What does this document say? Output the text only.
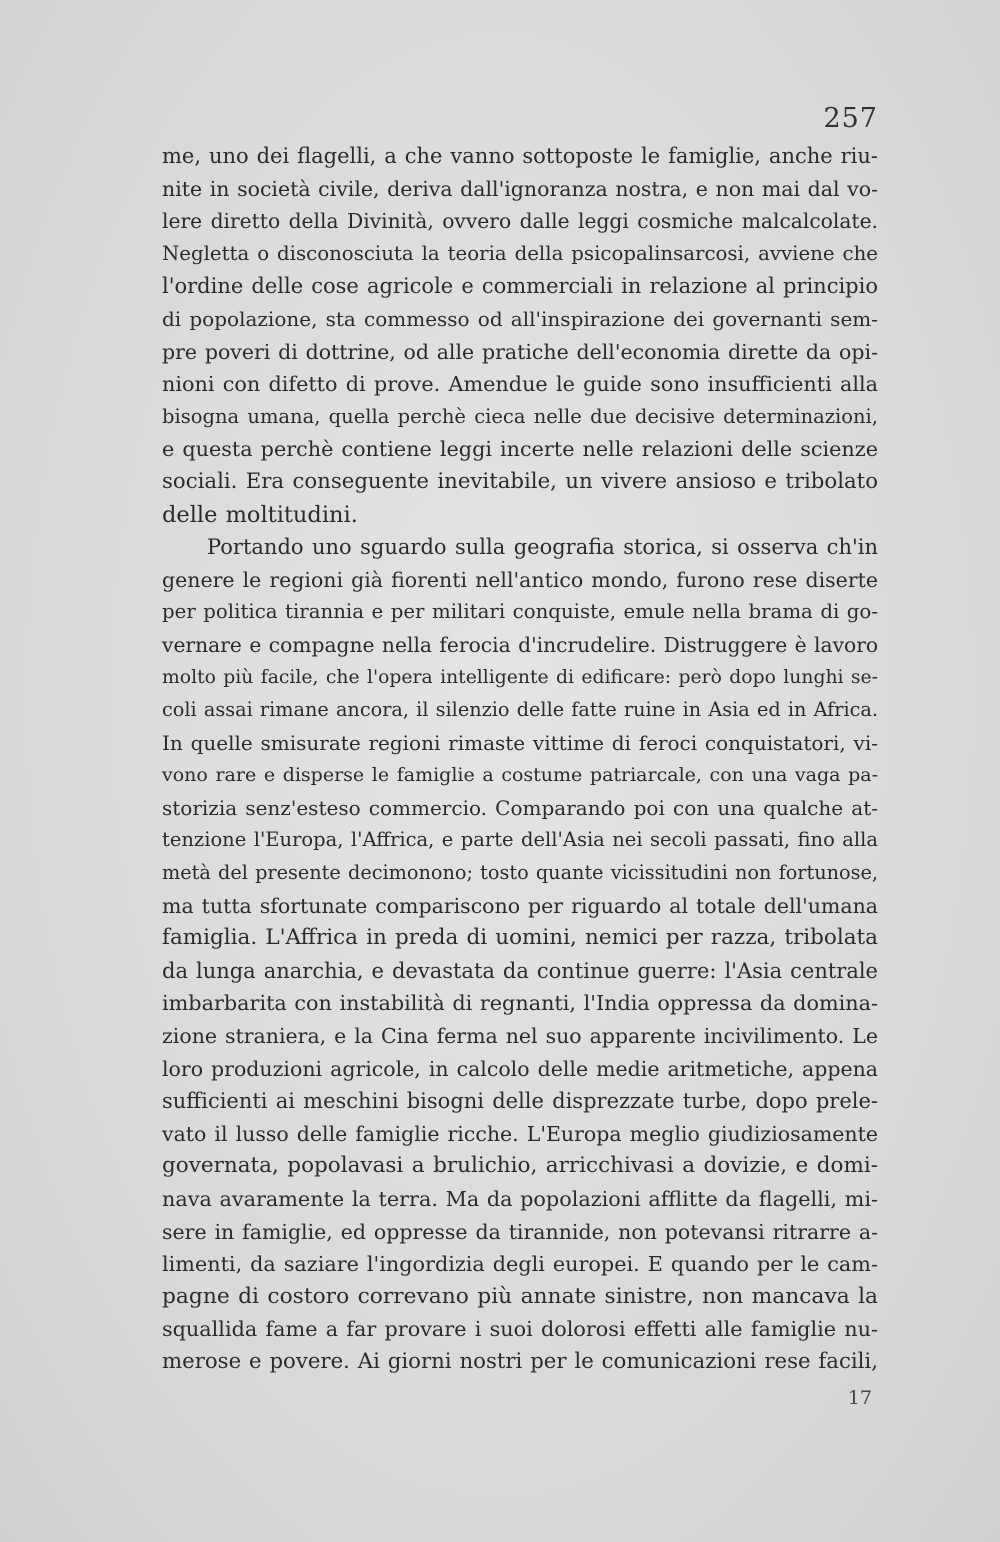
257
me, uno dei flagelli, a che vanno sottoposte le famiglie, anche riu-
nite in società civile, deriva dall'ignoranza nostra, e non mai dal vo-
lere diretto della Divinità, ovvero dalle leggi cosmiche malcalcolate.
Negletta o disconosciuta la teoria della psicopalinsarcosi, avviene che
l'ordine delle cose agricole e commerciali in relazione al principio
di popolazione, sta commesso od all'inspirazione dei governanti sem-
pre poveri di dottrine, od alle pratiche dell'economia dirette da opi-
nioni con difetto di prove. Amendue le guide sono insufficienti alla
bisogna umana, quella perchè cieca nelle due decisive determinazioni,
e questa perchè contiene leggi incerte nelle relazioni delle scienze
sociali. Era conseguente inevitabile, un vivere ansioso e tribolato
delle moltitudini.
Portando uno sguardo sulla geografia storica, si osserva ch'in
genere le regioni già fiorenti nell'antico mondo, furono rese diserte
per politica tirannia e per militari conquiste, emule nella brama di go-
vernare e compagne nella ferocia d'incrudelire. Distruggere è lavoro
molto più facile, che l'opera intelligente di edificare: però dopo lunghi se-
coli assai rimane ancora, il silenzio delle fatte ruine in Asia ed in Africa.
In quelle smisurate regioni rimaste vittime di feroci conquistatori, vi-
vono rare e disperse le famiglie a costume patriarcale, con una vaga pa-
storizia senz'esteso commercio. Comparando poi con una qualche at-
tenzione l'Europa, l'Affrica, e parte dell'Asia nei secoli passati, fino alla
metà del presente decimonono; tosto quante vicissitudini non fortunose,
ma tutta sfortunate compariscono per riguardo al totale dell'umana
famiglia. L'Affrica in preda di uomini, nemici per razza, tribolata
da lunga anarchia, e devastata da continue guerre: l'Asia centrale
imbarbarita con instabilità di regnanti, l'India oppressa da domina-
zione straniera, e la Cina ferma nel suo apparente incivilimento. Le
loro produzioni agricole, in calcolo delle medie aritmetiche, appena
sufficienti ai meschini bisogni delle disprezzate turbe, dopo prele-
vato il lusso delle famiglie ricche. L'Europa meglio giudiziosamente
governata, popolavasi a brulichio, arricchivasi a dovizie, e domi-
nava avaramente la terra. Ma da popolazioni afflitte da flagelli, mi-
sere in famiglie, ed oppresse da tirannide, non potevansi ritrarre a-
limenti, da saziare l'ingordizia degli europei. E quando per le cam-
pagne di costoro correvano più annate sinistre, non mancava la
squallida fame a far provare i suoi dolorosi effetti alle famiglie nu-
merose e povere. Ai giorni nostri per le comunicazioni rese facili,
17
